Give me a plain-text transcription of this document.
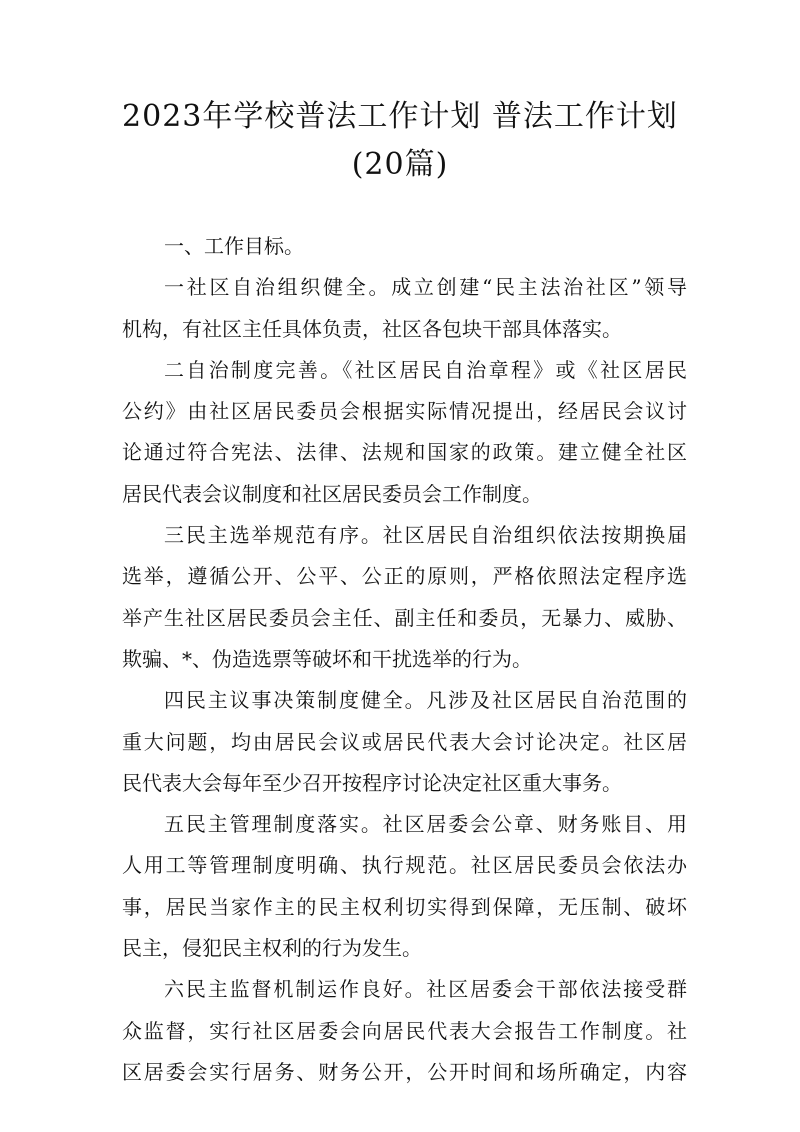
2023年学校普法工作计划 普法工作计划
(20篇)
一、工作目标。
一社区自治组织健全。成立创建“民主法治社区”领导
机构，有社区主任具体负责，社区各包块干部具体落实。
二自治制度完善。《社区居民自治章程》或《社区居民
公约》由社区居民委员会根据实际情况提出，经居民会议讨
论通过符合宪法、法律、法规和国家的政策。建立健全社区
居民代表会议制度和社区居民委员会工作制度。
三民主选举规范有序。社区居民自治组织依法按期换届
选举，遵循公开、公平、公正的原则，严格依照法定程序选
举产生社区居民委员会主任、副主任和委员，无暴力、威胁、
欺骗、*、伪造选票等破坏和干扰选举的行为。
四民主议事决策制度健全。凡涉及社区居民自治范围的
重大问题，均由居民会议或居民代表大会讨论决定。社区居
民代表大会每年至少召开按程序讨论决定社区重大事务。
五民主管理制度落实。社区居委会公章、财务账目、用
人用工等管理制度明确、执行规范。社区居民委员会依法办
事，居民当家作主的民主权利切实得到保障，无压制、破坏
民主，侵犯民主权利的行为发生。
六民主监督机制运作良好。社区居委会干部依法接受群
众监督，实行社区居委会向居民代表大会报告工作制度。社
区居委会实行居务、财务公开，公开时间和场所确定，内容
